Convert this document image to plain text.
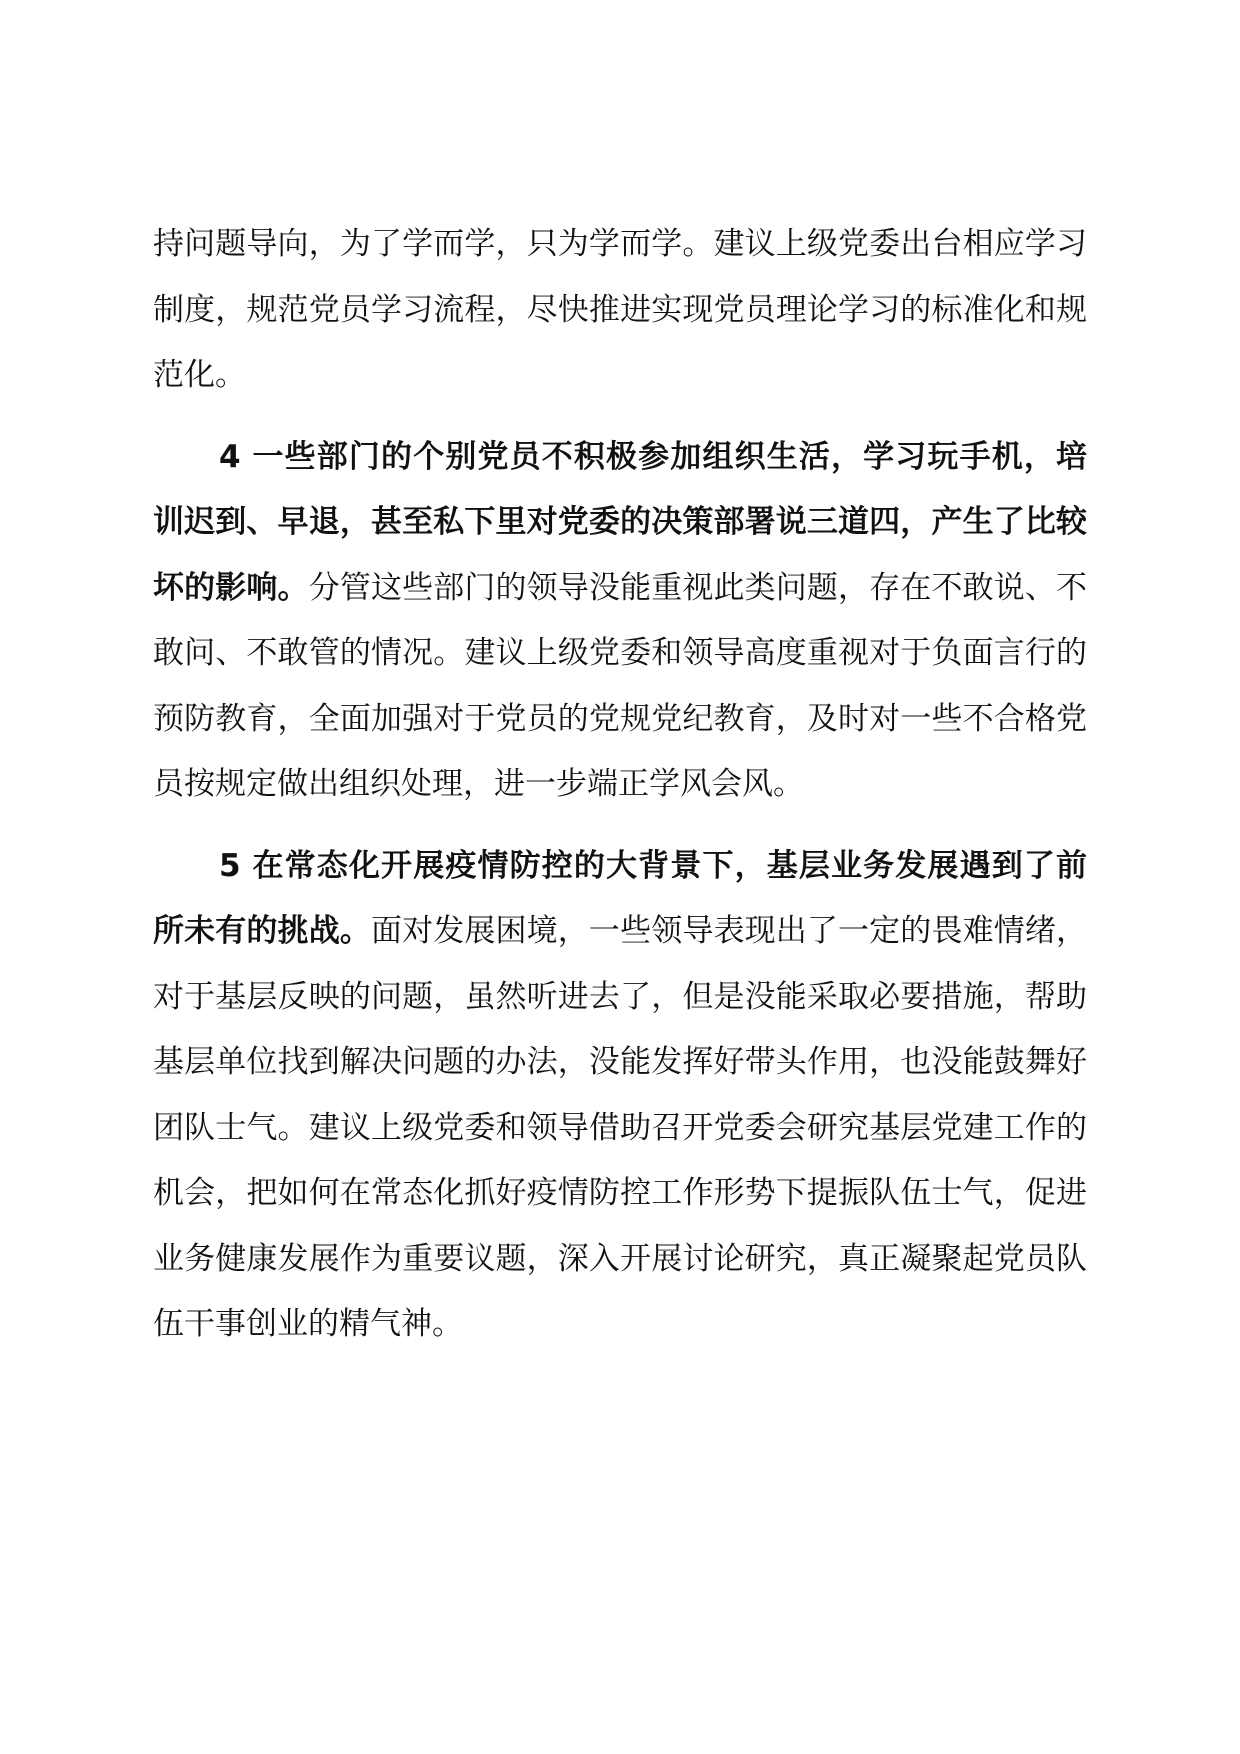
持问题导向，为了学而学，只为学而学。建议上级党委出台相应学习制度，规范党员学习流程，尽快推进实现党员理论学习的标准化和规范化。

4 一些部门的个别党员不积极参加组织生活，学习玩手机，培训迟到、早退，甚至私下里对党委的决策部署说三道四，产生了比较坏的影响。分管这些部门的领导没能重视此类问题，存在不敢说、不敢问、不敢管的情况。建议上级党委和领导高度重视对于负面言行的预防教育，全面加强对于党员的党规党纪教育，及时对一些不合格党员按规定做出组织处理，进一步端正学风会风。

5 在常态化开展疫情防控的大背景下，基层业务发展遇到了前所未有的挑战。面对发展困境，一些领导表现出了一定的畏难情绪，对于基层反映的问题，虽然听进去了，但是没能采取必要措施，帮助基层单位找到解决问题的办法，没能发挥好带头作用，也没能鼓舞好团队士气。建议上级党委和领导借助召开党委会研究基层党建工作的机会，把如何在常态化抓好疫情防控工作形势下提振队伍士气，促进业务健康发展作为重要议题，深入开展讨论研究，真正凝聚起党员队伍干事创业的精气神。
